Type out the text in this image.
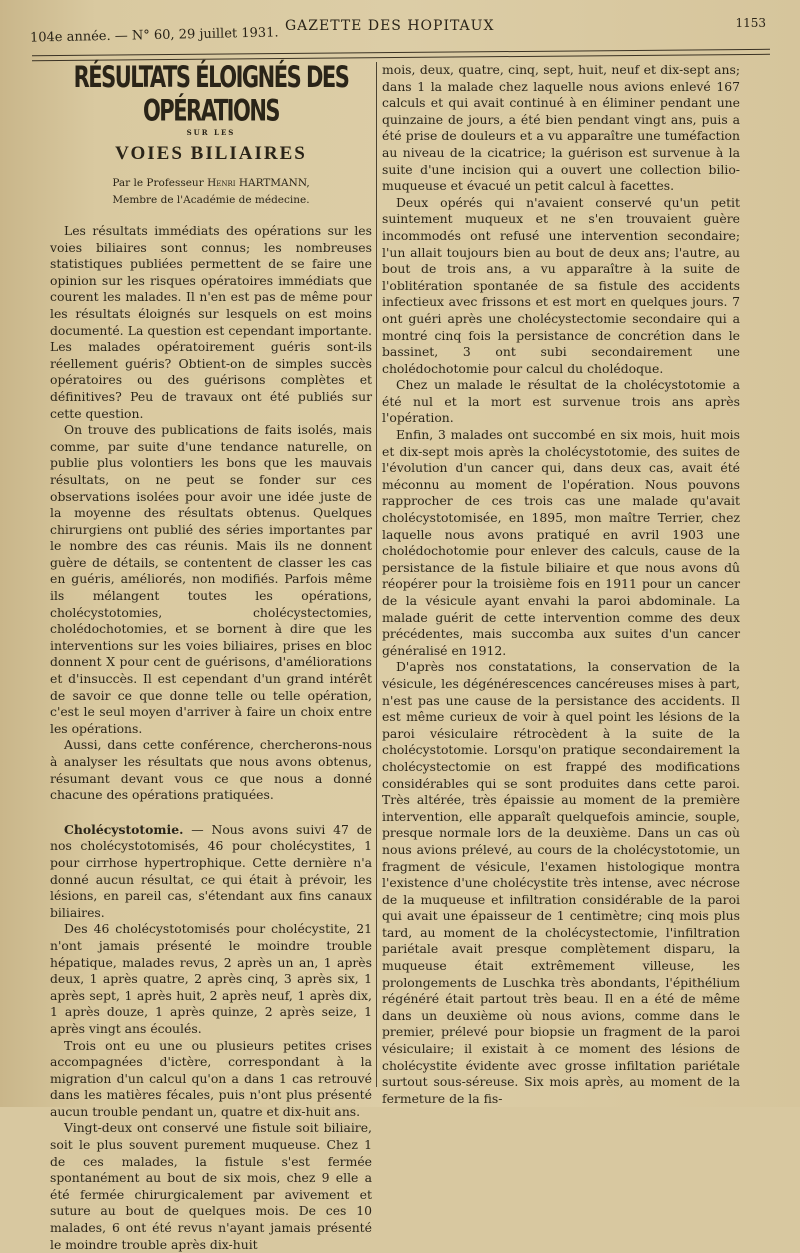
104e année. — N° 60, 29 juillet 1931. GAZETTE DES HOPITAUX	1153
RÉSULTATS ÉLOIGNÉS DES OPÉRATIONS
SUR LES
VOIES BILIAIRES
Par le Professeur Henri HARTMANN,
Membre de l'Académie de médecine.

Les résultats immédiats des opérations sur les voies biliaires sont connus; les nombreuses statistiques publiées permettent de se faire une opinion sur les risques opératoires immédiats que courent les malades. Il n'en est pas de même pour les résultats éloignés sur lesquels on est moins documenté. La question est cependant importante. Les malades opératoirement guéris sont-ils réellement guéris? Obtient-on de simples succès opératoires ou des guérisons complètes et définitives? Peu de travaux ont été publiés sur cette question.

On trouve des publications de faits isolés, mais comme, par suite d'une tendance naturelle, on publie plus volontiers les bons que les mauvais résultats, on ne peut se fonder sur ces observations isolées pour avoir une idée juste de la moyenne des résultats obtenus. Quelques chirurgiens ont publié des séries importantes par le nombre des cas réunis. Mais ils ne donnent guère de détails, se contentent de classer les cas en guéris, améliorés, non modifiés. Parfois même ils mélangent toutes les opérations, cholécystotomies, cholécystectomies, cholédochotomies, et se bornent à dire que les interventions sur les voies biliaires, prises en bloc donnent X pour cent de guérisons, d'améliorations et d'insuccès. Il est cependant d'un grand intérêt de savoir ce que donne telle ou telle opération, c'est le seul moyen d'arriver à faire un choix entre les opérations.

Aussi, dans cette conférence, chercherons-nous à analyser les résultats que nous avons obtenus, résumant devant vous ce que nous a donné chacune des opérations pratiquées.

Cholécystotomie. — Nous avons suivi 47 de nos cholécystotomisés, 46 pour cholécystites, 1 pour cirrhose hypertrophique. Cette dernière n'a donné aucun résultat, ce qui était à prévoir, les lésions, en pareil cas, s'étendant aux fins canaux biliaires.

Des 46 cholécystotomisés pour cholécystite, 21 n'ont jamais présenté le moindre trouble hépatique, malades revus, 2 après un an, 1 après deux, 1 après quatre, 2 après cinq, 3 après six, 1 après sept, 1 après huit, 2 après neuf, 1 après dix, 1 après douze, 1 après quinze, 2 après seize, 1 après vingt ans écoulés.

Trois ont eu une ou plusieurs petites crises accompagnées d'ictère, correspondant à la migration d'un calcul qu'on a dans 1 cas retrouvé dans les matières fécales, puis n'ont plus présenté aucun trouble pendant un, quatre et dix-huit ans.

Vingt-deux ont conservé une fistule soit biliaire, soit le plus souvent purement muqueuse. Chez 1 de ces malades, la fistule s'est fermée spontanément au bout de six mois, chez 9 elle a été fermée chirurgicalement par avivement et suture au bout de quelques mois. De ces 10 malades, 6 ont été revus n'ayant jamais présenté le moindre trouble après dix-huit

mois, deux, quatre, cinq, sept, huit, neuf et dix-sept ans; dans 1 la malade chez laquelle nous avions enlevé 167 calculs et qui avait continué à en éliminer pendant une quinzaine de jours, a été bien pendant vingt ans, puis a été prise de douleurs et a vu apparaître une tuméfaction au niveau de la cicatrice; la guérison est survenue à la suite d'une incision qui a ouvert une collection bilio-muqueuse et évacué un petit calcul à facettes.

Deux opérés qui n'avaient conservé qu'un petit suintement muqueux et ne s'en trouvaient guère incommodés ont refusé une intervention secondaire; l'un allait toujours bien au bout de deux ans; l'autre, au bout de trois ans, a vu apparaître à la suite de l'oblitération spontanée de sa fistule des accidents infectieux avec frissons et est mort en quelques jours. 7 ont guéri après une cholécystectomie secondaire qui a montré cinq fois la persistance de concrétion dans le bassinet, 3 ont subi secondairement une cholédochotomie pour calcul du cholédoque.

Chez un malade le résultat de la cholécystotomie a été nul et la mort est survenue trois ans après l'opération.

Enfin, 3 malades ont succombé en six mois, huit mois et dix-sept mois après la cholécystotomie, des suites de l'évolution d'un cancer qui, dans deux cas, avait été méconnu au moment de l'opération. Nous pouvons rapprocher de ces trois cas une malade qu'avait cholécystotomisée, en 1895, mon maître Terrier, chez laquelle nous avons pratiqué en avril 1903 une cholédochotomie pour enlever des calculs, cause de la persistance de la fistule biliaire et que nous avons dû réopérer pour la troisième fois en 1911 pour un cancer de la vésicule ayant envahi la paroi abdominale. La malade guérit de cette intervention comme des deux précédentes, mais succomba aux suites d'un cancer généralisé en 1912.

D'après nos constatations, la conservation de la vésicule, les dégénérescences cancéreuses mises à part, n'est pas une cause de la persistance des accidents. Il est même curieux de voir à quel point les lésions de la paroi vésiculaire rétrocèdent à la suite de la cholécystotomie. Lorsqu'on pratique secondairement la cholécystectomie on est frappé des modifications considérables qui se sont produites dans cette paroi. Très altérée, très épaissie au moment de la première intervention, elle apparaît quelquefois amincie, souple, presque normale lors de la deuxième. Dans un cas où nous avions prélevé, au cours de la cholécystotomie, un fragment de vésicule, l'examen histologique montra l'existence d'une cholécystite très intense, avec nécrose de la muqueuse et infiltration considérable de la paroi qui avait une épaisseur de 1 centimètre; cinq mois plus tard, au moment de la cholécystectomie, l'infiltration pariétale avait presque complètement disparu, la muqueuse était extrêmement villeuse, les prolongements de Luschka très abondants, l'épithélium régénéré était partout très beau. Il en a été de même dans un deuxième où nous avions, comme dans le premier, prélevé pour biopsie un fragment de la paroi vésiculaire; il existait à ce moment des lésions de cholécystite évidente avec grosse infiltation pariétale surtout sous-séreuse. Six mois après, au moment de la fermeture de la fis-
